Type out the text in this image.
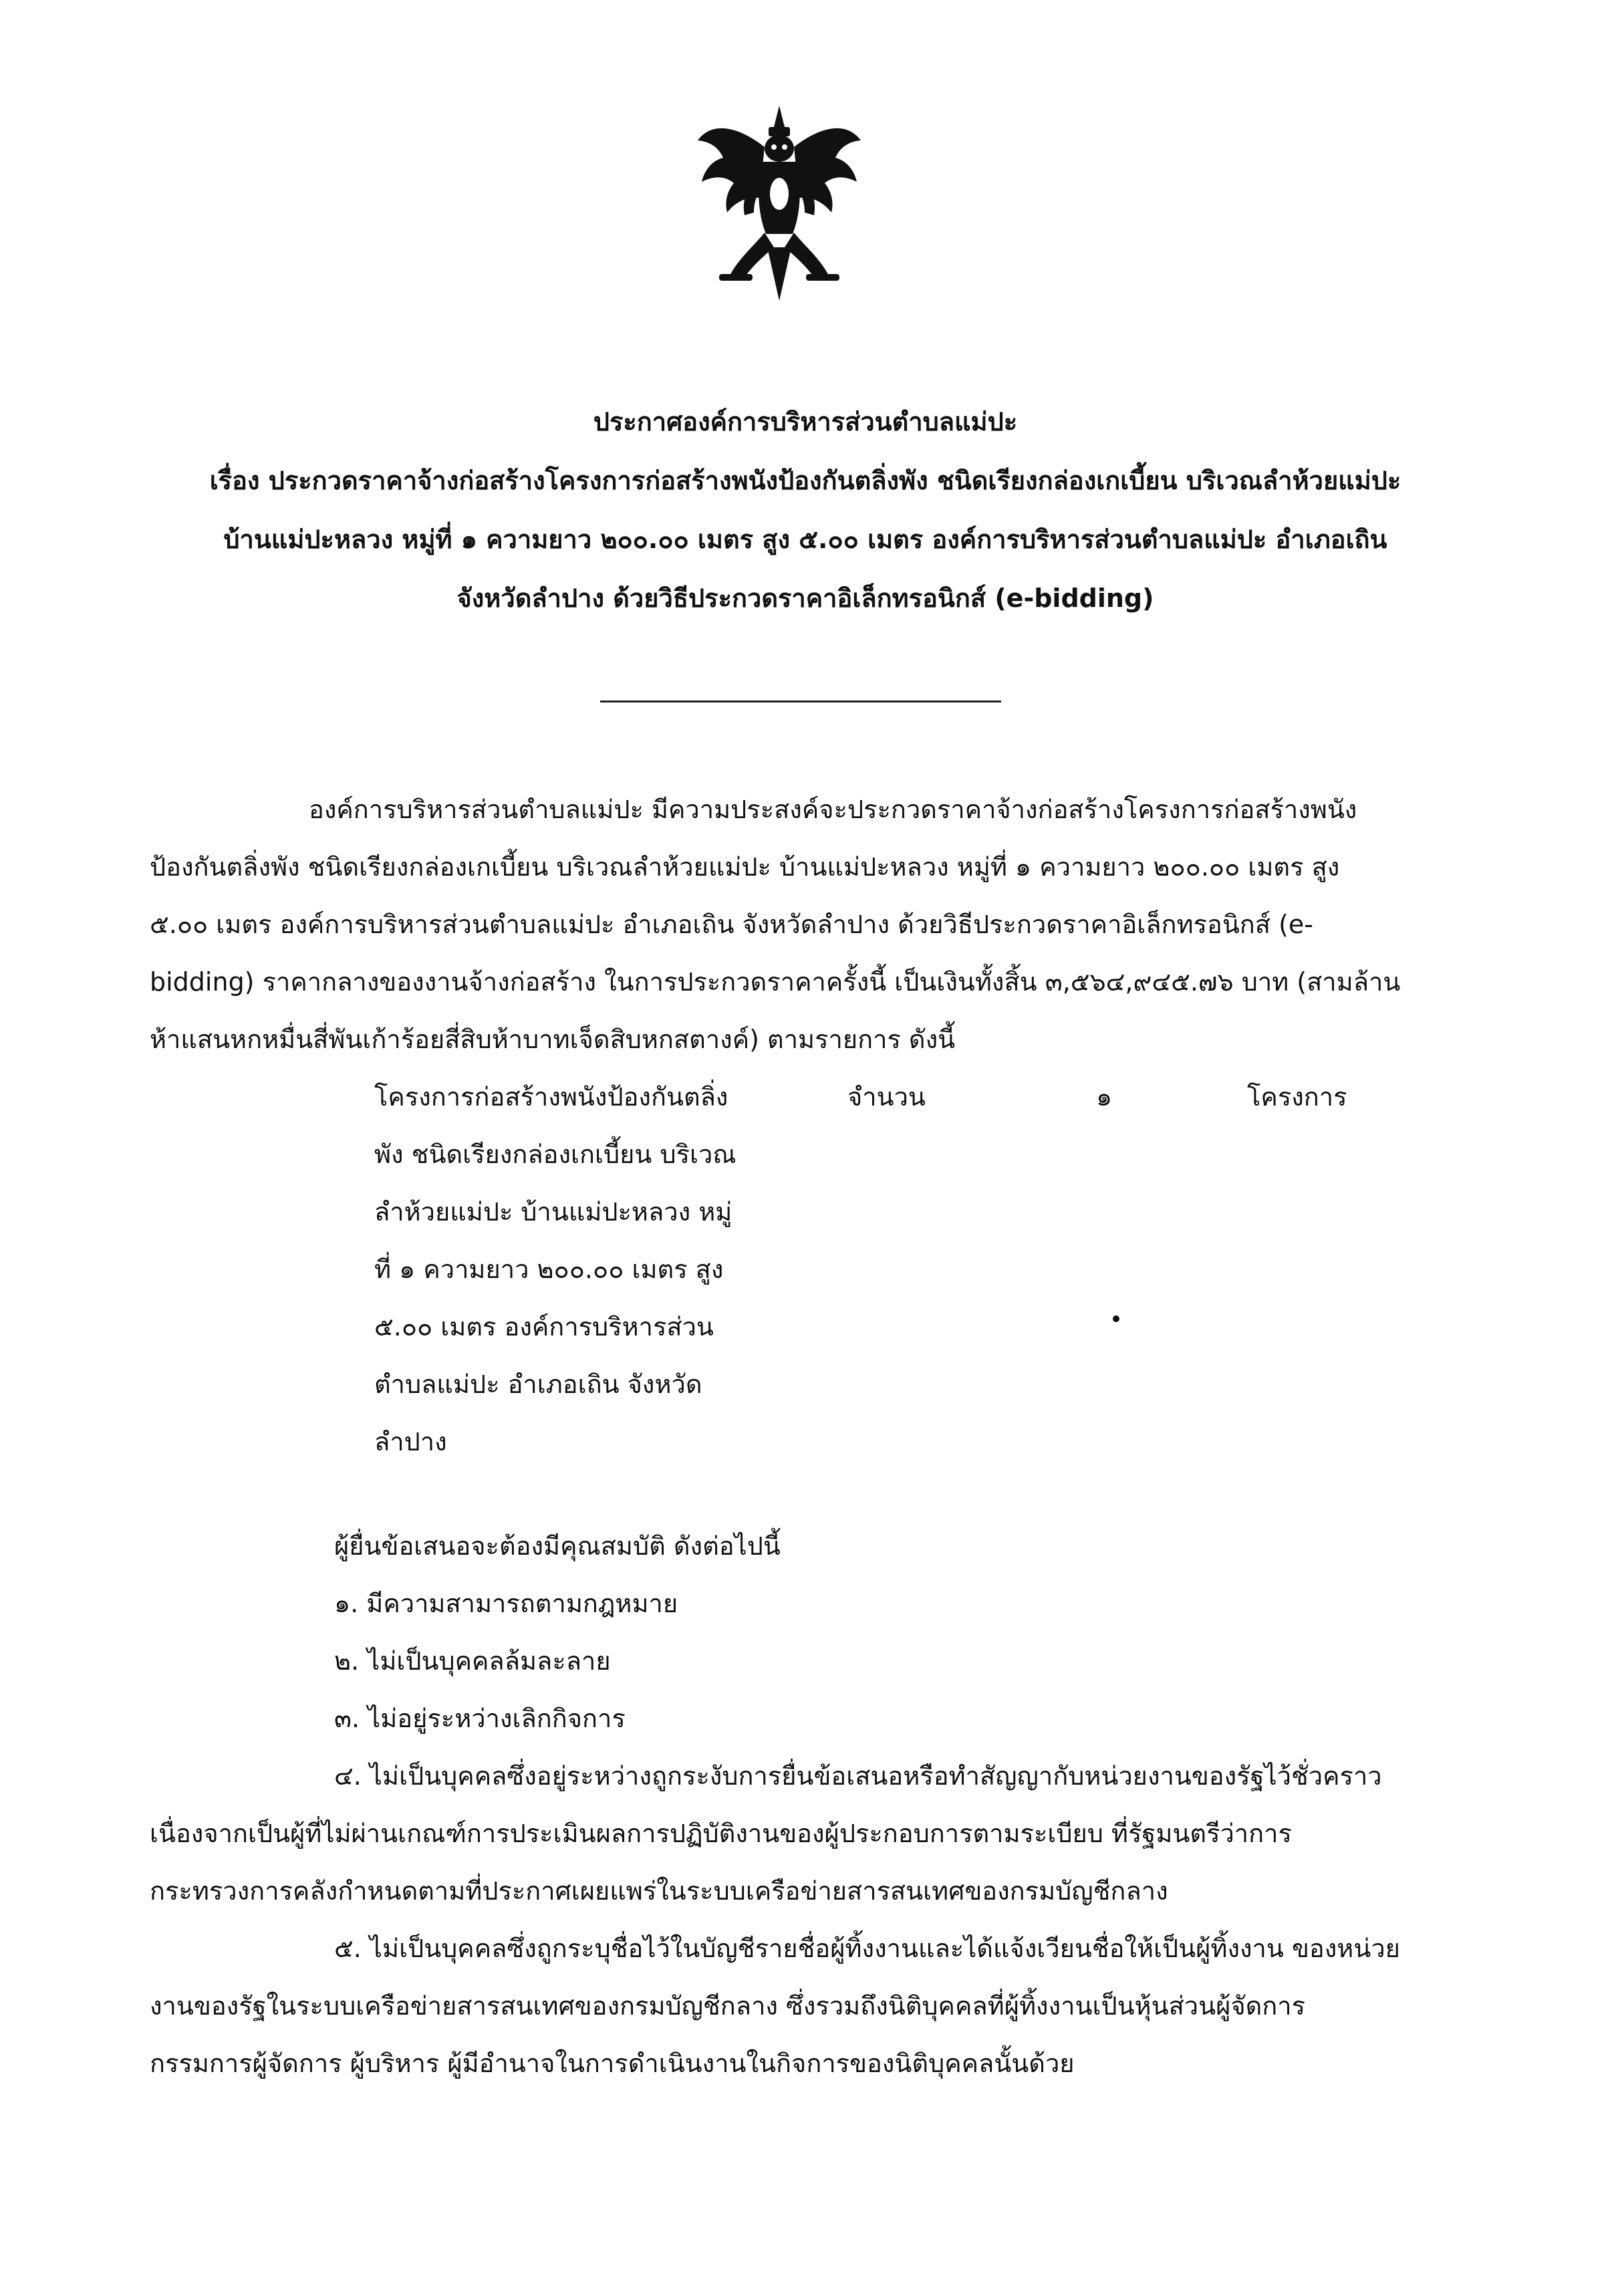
ประกาศองค์การบริหารส่วนตำบลแม่ปะ
เรื่อง ประกวดราคาจ้างก่อสร้างโครงการก่อสร้างพนังป้องกันตลิ่งพัง ชนิดเรียงกล่องเกเบี้ยน บริเวณลำห้วยแม่ปะ
บ้านแม่ปะหลวง หมู่ที่ ๑ ความยาว ๒๐๐.๐๐ เมตร สูง ๕.๐๐ เมตร องค์การบริหารส่วนตำบลแม่ปะ อำเภอเถิน
จังหวัดลำปาง ด้วยวิธีประกวดราคาอิเล็กทรอนิกส์ (e-bidding)
องค์การบริหารส่วนตำบลแม่ปะ มีความประสงค์จะประกวดราคาจ้างก่อสร้างโครงการก่อสร้างพนัง
ป้องกันตลิ่งพัง ชนิดเรียงกล่องเกเบี้ยน บริเวณลำห้วยแม่ปะ บ้านแม่ปะหลวง หมู่ที่ ๑ ความยาว ๒๐๐.๐๐ เมตร สูง
๕.๐๐ เมตร องค์การบริหารส่วนตำบลแม่ปะ อำเภอเถิน จังหวัดลำปาง ด้วยวิธีประกวดราคาอิเล็กทรอนิกส์ (e-
bidding) ราคากลางของงานจ้างก่อสร้าง ในการประกวดราคาครั้งนี้ เป็นเงินทั้งสิ้น ๓,๕๖๔,๙๔๕.๗๖ บาท (สามล้าน
ห้าแสนหกหมื่นสี่พันเก้าร้อยสี่สิบห้าบาทเจ็ดสิบหกสตางค์) ตามรายการ ดังนี้
โครงการก่อสร้างพนังป้องกันตลิ่ง
พัง ชนิดเรียงกล่องเกเบี้ยน บริเวณ
ลำห้วยแม่ปะ บ้านแม่ปะหลวง หมู่
ที่ ๑ ความยาว ๒๐๐.๐๐ เมตร สูง
๕.๐๐ เมตร องค์การบริหารส่วน
ตำบลแม่ปะ อำเภอเถิน จังหวัด
ลำปาง
จำนวน	๑	โครงการ
ผู้ยื่นข้อเสนอจะต้องมีคุณสมบัติ ดังต่อไปนี้
๑. มีความสามารถตามกฎหมาย
๒. ไม่เป็นบุคคลล้มละลาย
๓. ไม่อยู่ระหว่างเลิกกิจการ
๔. ไม่เป็นบุคคลซึ่งอยู่ระหว่างถูกระงับการยื่นข้อเสนอหรือทำสัญญากับหน่วยงานของรัฐไว้ชั่วคราว
เนื่องจากเป็นผู้ที่ไม่ผ่านเกณฑ์การประเมินผลการปฏิบัติงานของผู้ประกอบการตามระเบียบ ที่รัฐมนตรีว่าการ
กระทรวงการคลังกำหนดตามที่ประกาศเผยแพร่ในระบบเครือข่ายสารสนเทศของกรมบัญชีกลาง
๕. ไม่เป็นบุคคลซึ่งถูกระบุชื่อไว้ในบัญชีรายชื่อผู้ทิ้งงานและได้แจ้งเวียนชื่อให้เป็นผู้ทิ้งงาน ของหน่วย
งานของรัฐในระบบเครือข่ายสารสนเทศของกรมบัญชีกลาง ซึ่งรวมถึงนิติบุคคลที่ผู้ทิ้งงานเป็นหุ้นส่วนผู้จัดการ
กรรมการผู้จัดการ ผู้บริหาร ผู้มีอำนาจในการดำเนินงานในกิจการของนิติบุคคลนั้นด้วย
